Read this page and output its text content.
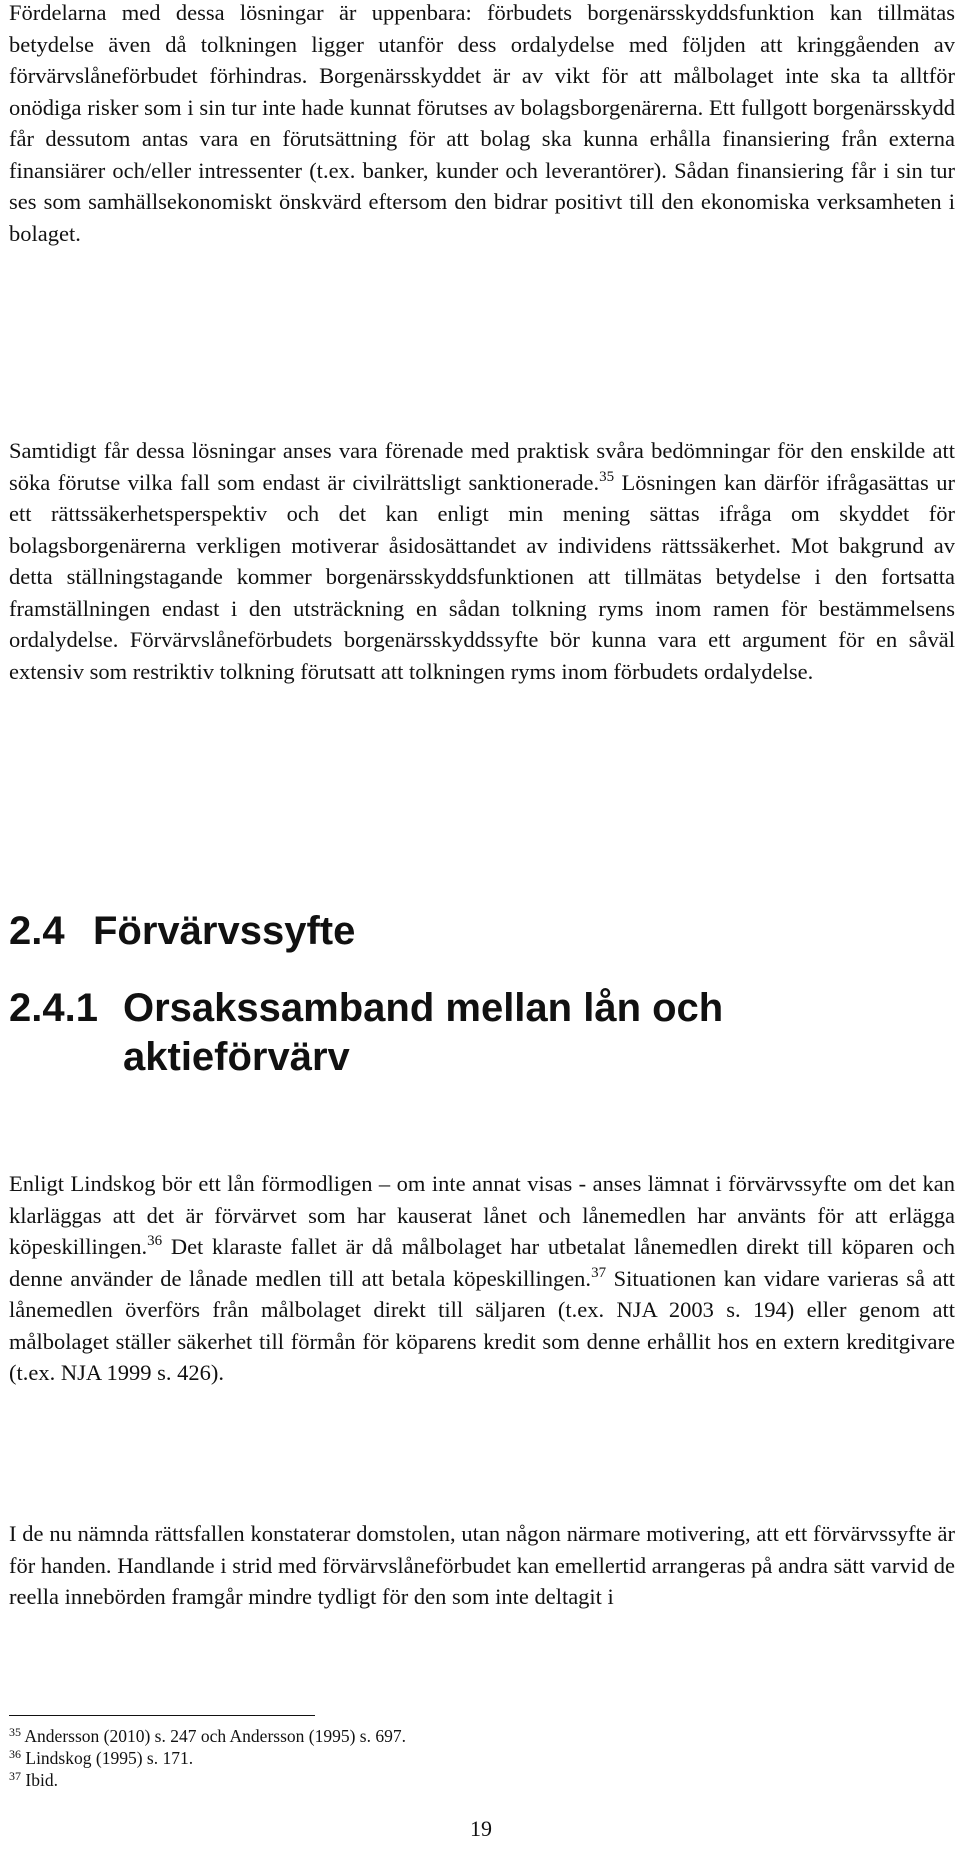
Fördelarna med dessa lösningar är uppenbara: förbudets borgenärsskyddsfunktion kan tillmätas betydelse även då tolkningen ligger utanför dess ordalydelse med följden att kringgåenden av förvärvslåneförbudet förhindras. Borgenärsskyddet är av vikt för att målbolaget inte ska ta alltför onödiga risker som i sin tur inte hade kunnat förutses av bolagsborgenärerna. Ett fullgott borgenärsskydd får dessutom antas vara en förutsättning för att bolag ska kunna erhålla finansiering från externa finansiärer och/eller intressenter (t.ex. banker, kunder och leverantörer). Sådan finansiering får i sin tur ses som samhällsekonomiskt önskvärd eftersom den bidrar positivt till den ekonomiska verksamheten i bolaget.

Samtidigt får dessa lösningar anses vara förenade med praktisk svåra bedömningar för den enskilde att söka förutse vilka fall som endast är civilrättsligt sanktionerade.$^{35}$ Lösningen kan därför ifrågasättas ur ett rättssäkerhetsperspektiv och det kan enligt min mening sättas ifråga om skyddet för bolagsborgenärerna verkligen motiverar åsidosättandet av individens rättssäkerhet. Mot bakgrund av detta ställningstagande kommer borgenärsskyddsfunktionen att tillmätas betydelse i den fortsatta framställningen endast i den utsträckning en sådan tolkning ryms inom ramen för bestämmelsens ordalydelse. Förvärvslåneförbudets borgenärsskyddssyfte bör kunna vara ett argument för en såväl extensiv som restriktiv tolkning förutsatt att tolkningen ryms inom förbudets ordalydelse.

2.4 Förvärvssyfte
2.4.1 Orsakssamband mellan lån och
aktieförvärv

Enligt Lindskog bör ett lån förmodligen – om inte annat visas - anses lämnat i förvärvssyfte om det kan klarläggas att det är förvärvet som har kauserat lånet och lånemedlen har använts för att erlägga köpeskillingen.$^{36}$ Det klaraste fallet är då målbolaget har utbetalat lånemedlen direkt till köparen och denne använder de lånade medlen till att betala köpeskillingen.$^{37}$ Situationen kan vidare varieras så att lånemedlen överförs från målbolaget direkt till säljaren (t.ex. NJA 2003 s. 194) eller genom att målbolaget ställer säkerhet till förmån för köparens kredit som denne erhållit hos en extern kreditgivare (t.ex. NJA 1999 s. 426).

I de nu nämnda rättsfallen konstaterar domstolen, utan någon närmare motivering, att ett förvärvssyfte är för handen. Handlande i strid med förvärvslåneförbudet kan emellertid arrangeras på andra sätt varvid de reella innebörden framgår mindre tydligt för den som inte deltagit i

$^{35}$ Andersson (2010) s. 247 och Andersson (1995) s. 697.
$^{36}$ Lindskog (1995) s. 171.
$^{37}$ Ibid.
19
